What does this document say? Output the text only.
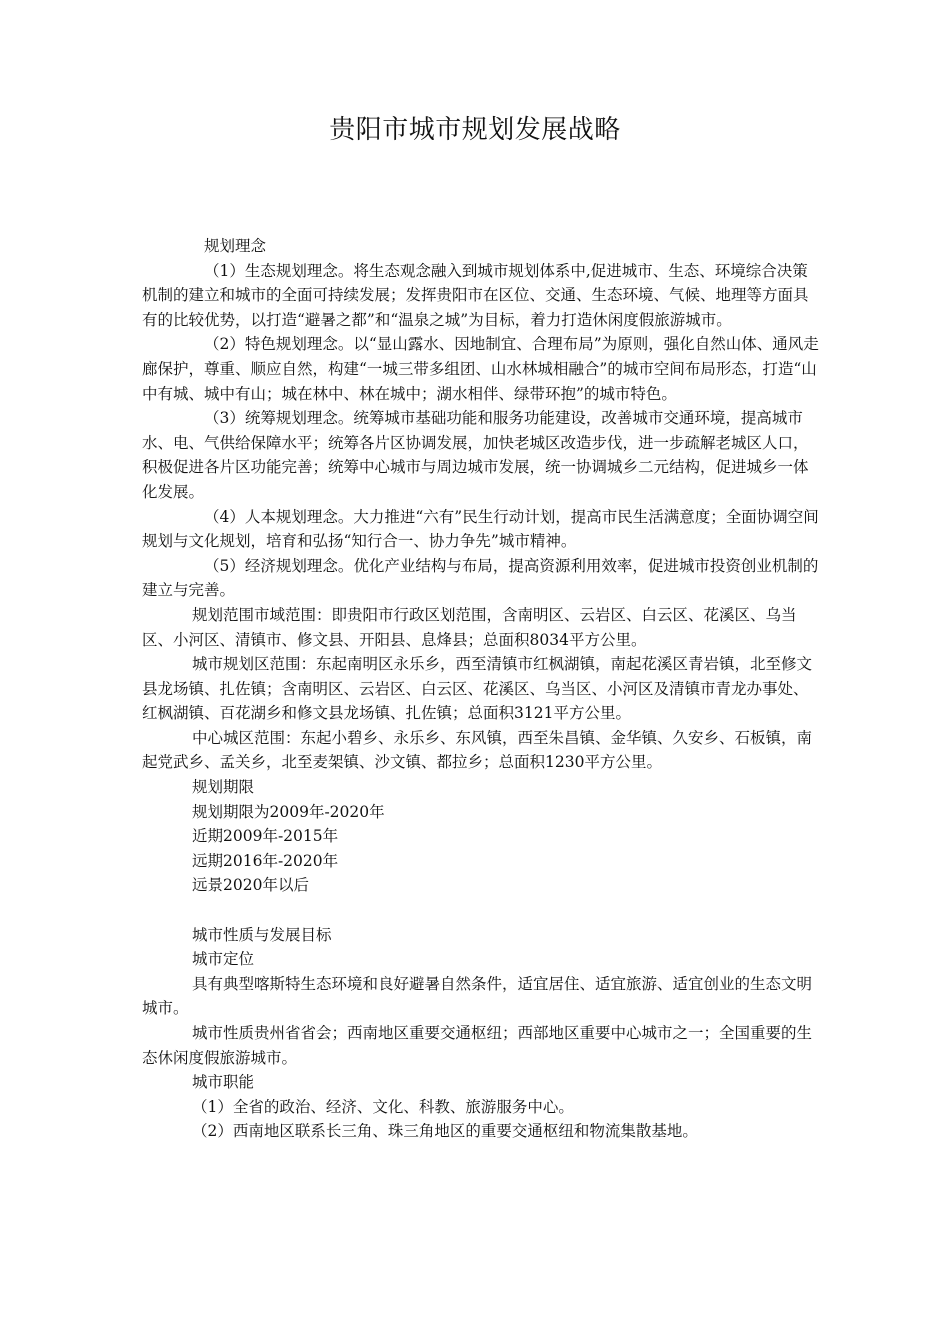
贵阳市城市规划发展战略

规划理念

（1）生态规划理念。将生态观念融入到城市规划体系中,促进城市、生态、环境综合决策机制的建立和城市的全面可持续发展；发挥贵阳市在区位、交通、生态环境、气候、地理等方面具有的比较优势，以打造“避暑之都”和“温泉之城”为目标，着力打造休闲度假旅游城市。

（2）特色规划理念。以“显山露水、因地制宜、合理布局”为原则，强化自然山体、通风走廊保护，尊重、顺应自然，构建“一城三带多组团、山水林城相融合”的城市空间布局形态，打造“山中有城、城中有山；城在林中、林在城中；湖水相伴、绿带环抱”的城市特色。

（3）统筹规划理念。统筹城市基础功能和服务功能建设，改善城市交通环境，提高城市水、电、气供给保障水平；统筹各片区协调发展，加快老城区改造步伐，进一步疏解老城区人口，积极促进各片区功能完善；统筹中心城市与周边城市发展，统一协调城乡二元结构，促进城乡一体化发展。

（4）人本规划理念。大力推进“六有”民生行动计划，提高市民生活满意度；全面协调空间规划与文化规划，培育和弘扬“知行合一、协力争先”城市精神。

（5）经济规划理念。优化产业结构与布局，提高资源利用效率，促进城市投资创业机制的建立与完善。

规划范围市域范围：即贵阳市行政区划范围，含南明区、云岩区、白云区、花溪区、乌当区、小河区、清镇市、修文县、开阳县、息烽县；总面积8034平方公里。

城市规划区范围：东起南明区永乐乡，西至清镇市红枫湖镇，南起花溪区青岩镇，北至修文县龙场镇、扎佐镇；含南明区、云岩区、白云区、花溪区、乌当区、小河区及清镇市青龙办事处、红枫湖镇、百花湖乡和修文县龙场镇、扎佐镇；总面积3121平方公里。

中心城区范围：东起小碧乡、永乐乡、东风镇，西至朱昌镇、金华镇、久安乡、石板镇，南起党武乡、孟关乡，北至麦架镇、沙文镇、都拉乡；总面积1230平方公里。

规划期限

规划期限为2009年-2020年

近期2009年-2015年

远期2016年-2020年

远景2020年以后

城市性质与发展目标

城市定位

具有典型喀斯特生态环境和良好避暑自然条件，适宜居住、适宜旅游、适宜创业的生态文明城市。

城市性质贵州省省会；西南地区重要交通枢纽；西部地区重要中心城市之一；全国重要的生态休闲度假旅游城市。

城市职能

（1）全省的政治、经济、文化、科教、旅游服务中心。

（2）西南地区联系长三角、珠三角地区的重要交通枢纽和物流集散基地。
